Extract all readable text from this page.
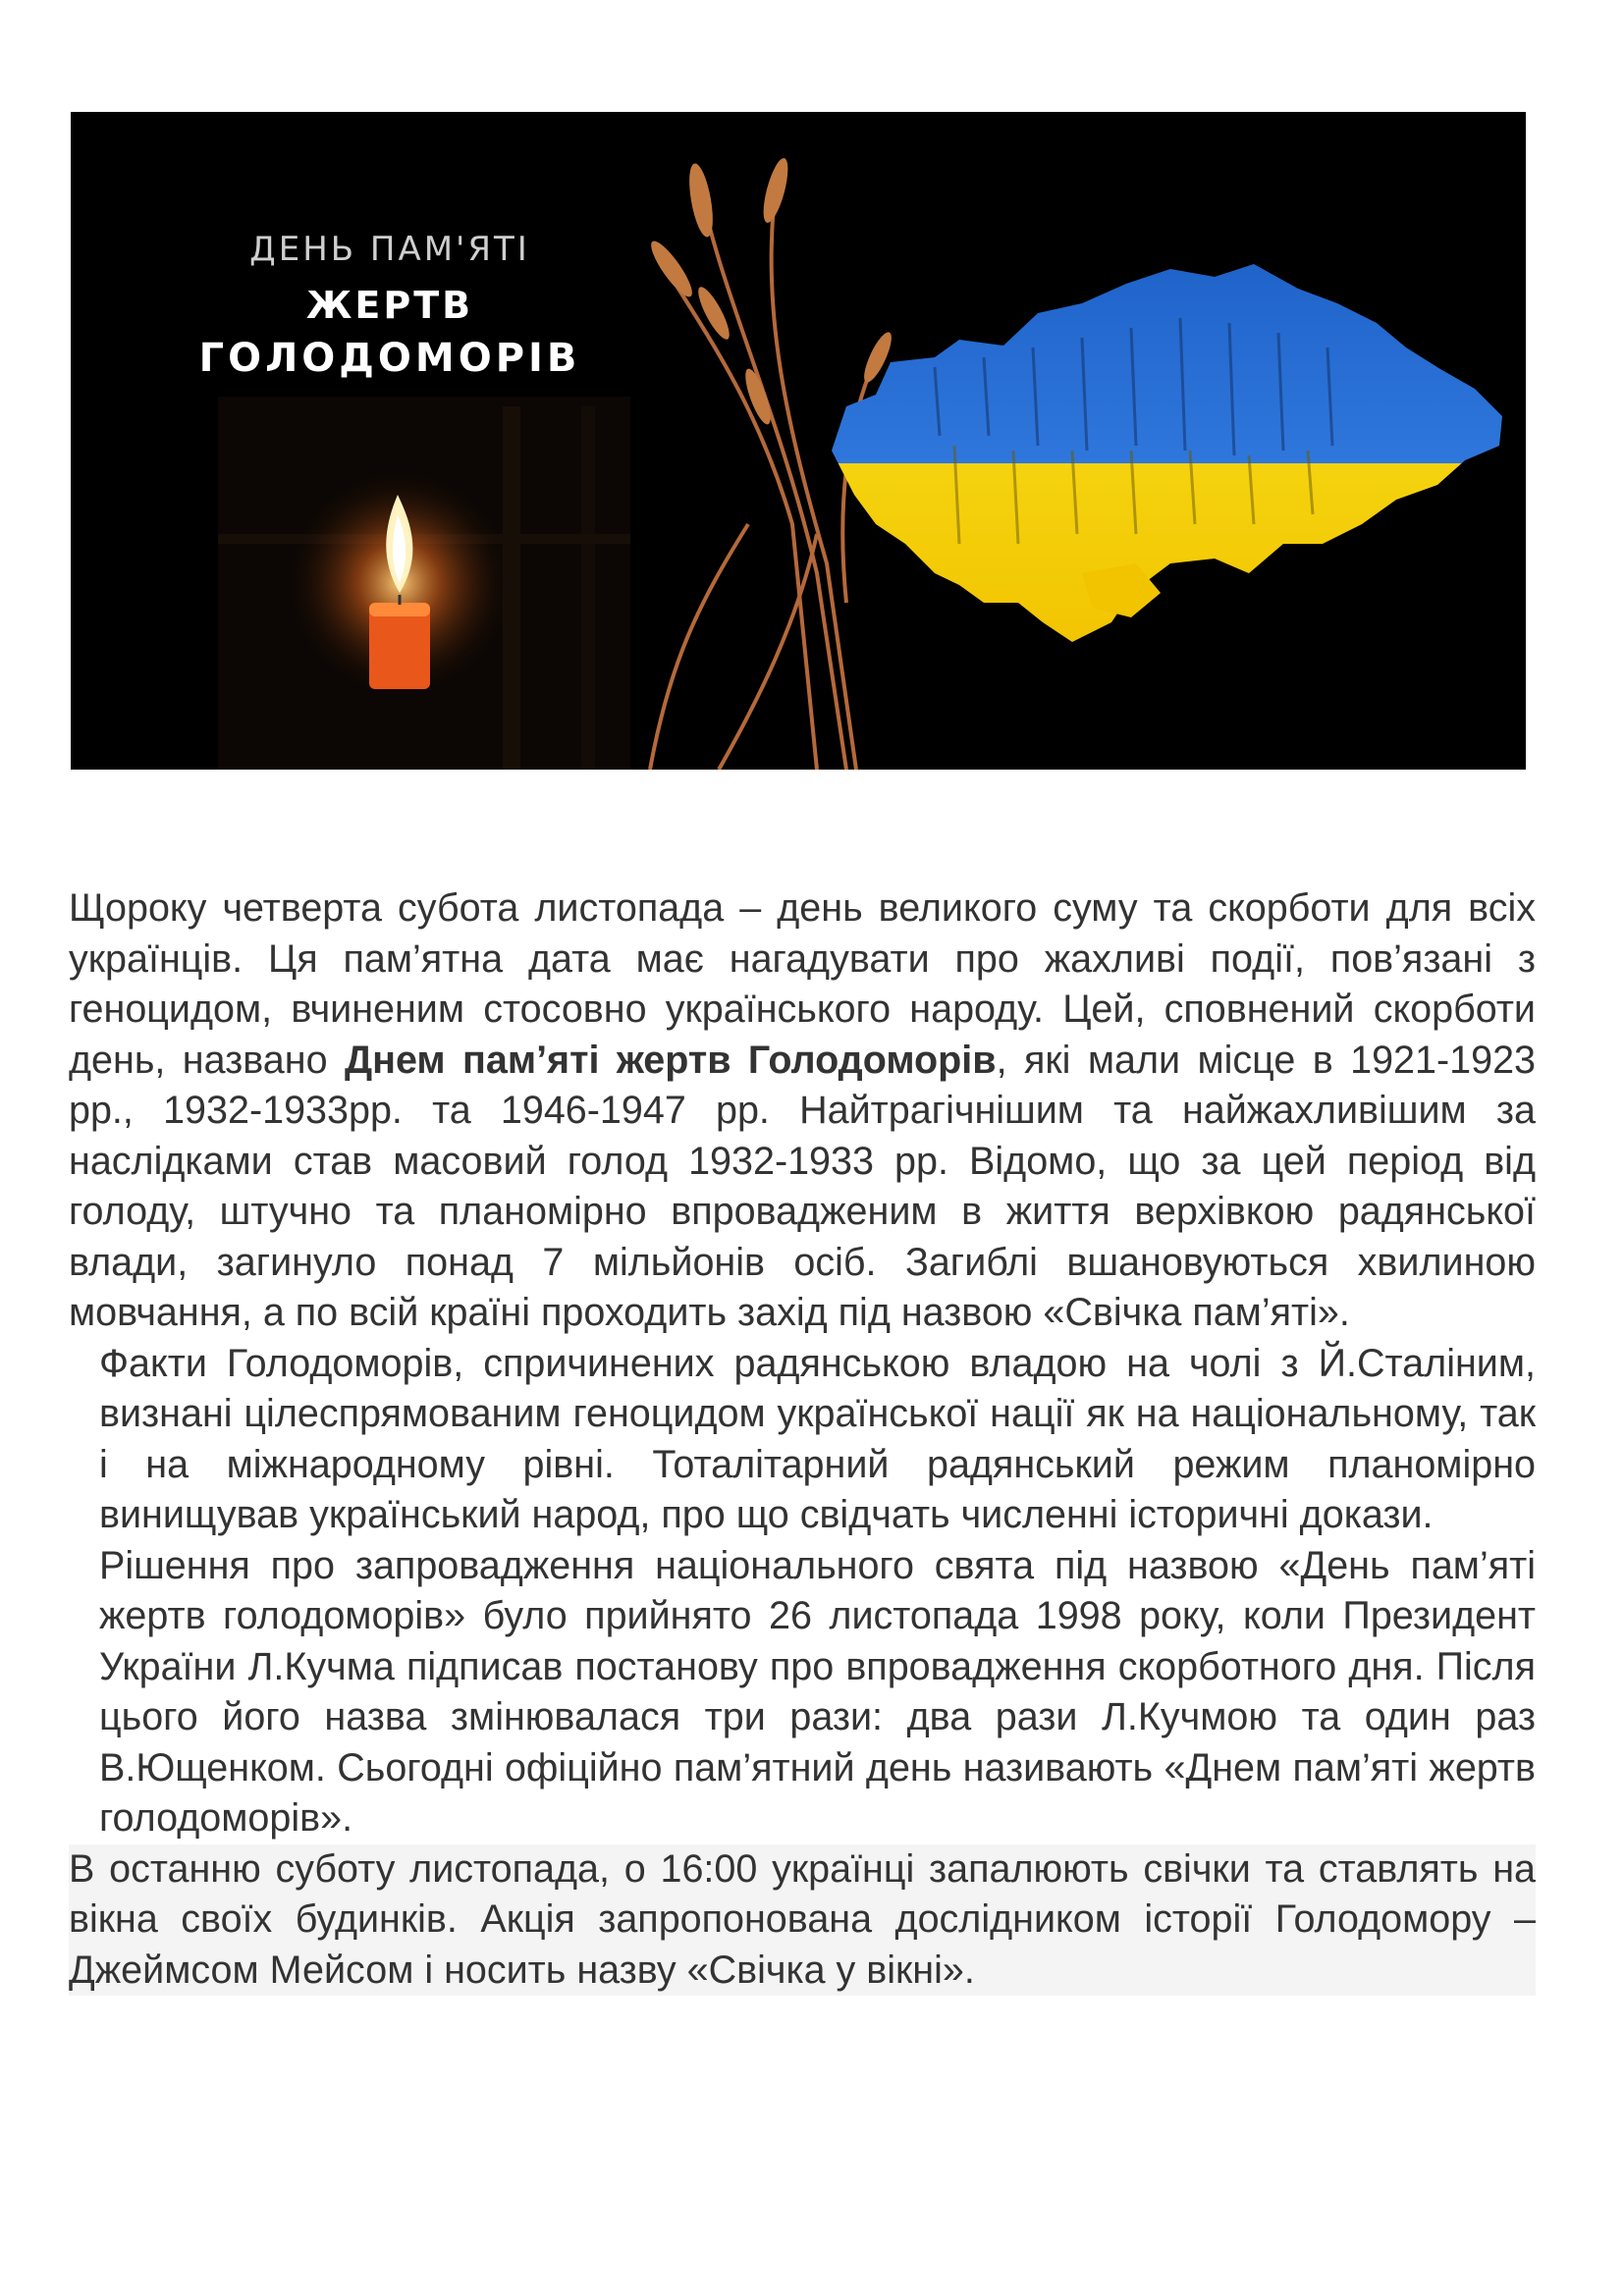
ДЕНЬ ПАМ'ЯТІ
ЖЕРТВ
ГОЛОДОМОРІВ

Щороку четверта субота листопада – день великого суму та скорботи для всіх українців. Ця пам’ятна дата має нагадувати про жахливі події, пов’язані з геноцидом, вчиненим стосовно українського народу. Цей, сповнений скорботи день, названо Днем пам’яті жертв Голодоморів, які мали місце в 1921-1923 рр., 1932-1933рр. та 1946-1947 рр. Найтрагічнішим та найжахливішим за наслідками став масовий голод 1932-1933 рр. Відомо, що за цей період від голоду, штучно та планомірно впровадженим в життя верхівкою радянської влади, загинуло понад 7 мільйонів осіб. Загиблі вшановуються хвилиною мовчання, а по всій країні проходить захід під назвою «Свічка пам’яті».

Факти Голодоморів, спричинених радянською владою на чолі з Й.Сталіним, визнані цілеспрямованим геноцидом української нації як на національному, так і на міжнародному рівні. Тоталітарний радянський режим планомірно винищував український народ, про що свідчать численні історичні докази.

Рішення про запровадження національного свята під назвою «День пам’яті жертв голодоморів» було прийнято 26 листопада 1998 року, коли Президент України Л.Кучма підписав постанову про впровадження скорботного дня. Після цього його назва змінювалася три рази: два рази Л.Кучмою та один раз В.Ющенком. Сьогодні офіційно пам’ятний день називають «Днем пам’яті жертв голодоморів».

В останню суботу листопада, о 16:00 українці запалюють свічки та ставлять на вікна своїх будинків. Акція запропонована дослідником історії Голодомору – Джеймсом Мейсом і носить назву «Свічка у вікні».
